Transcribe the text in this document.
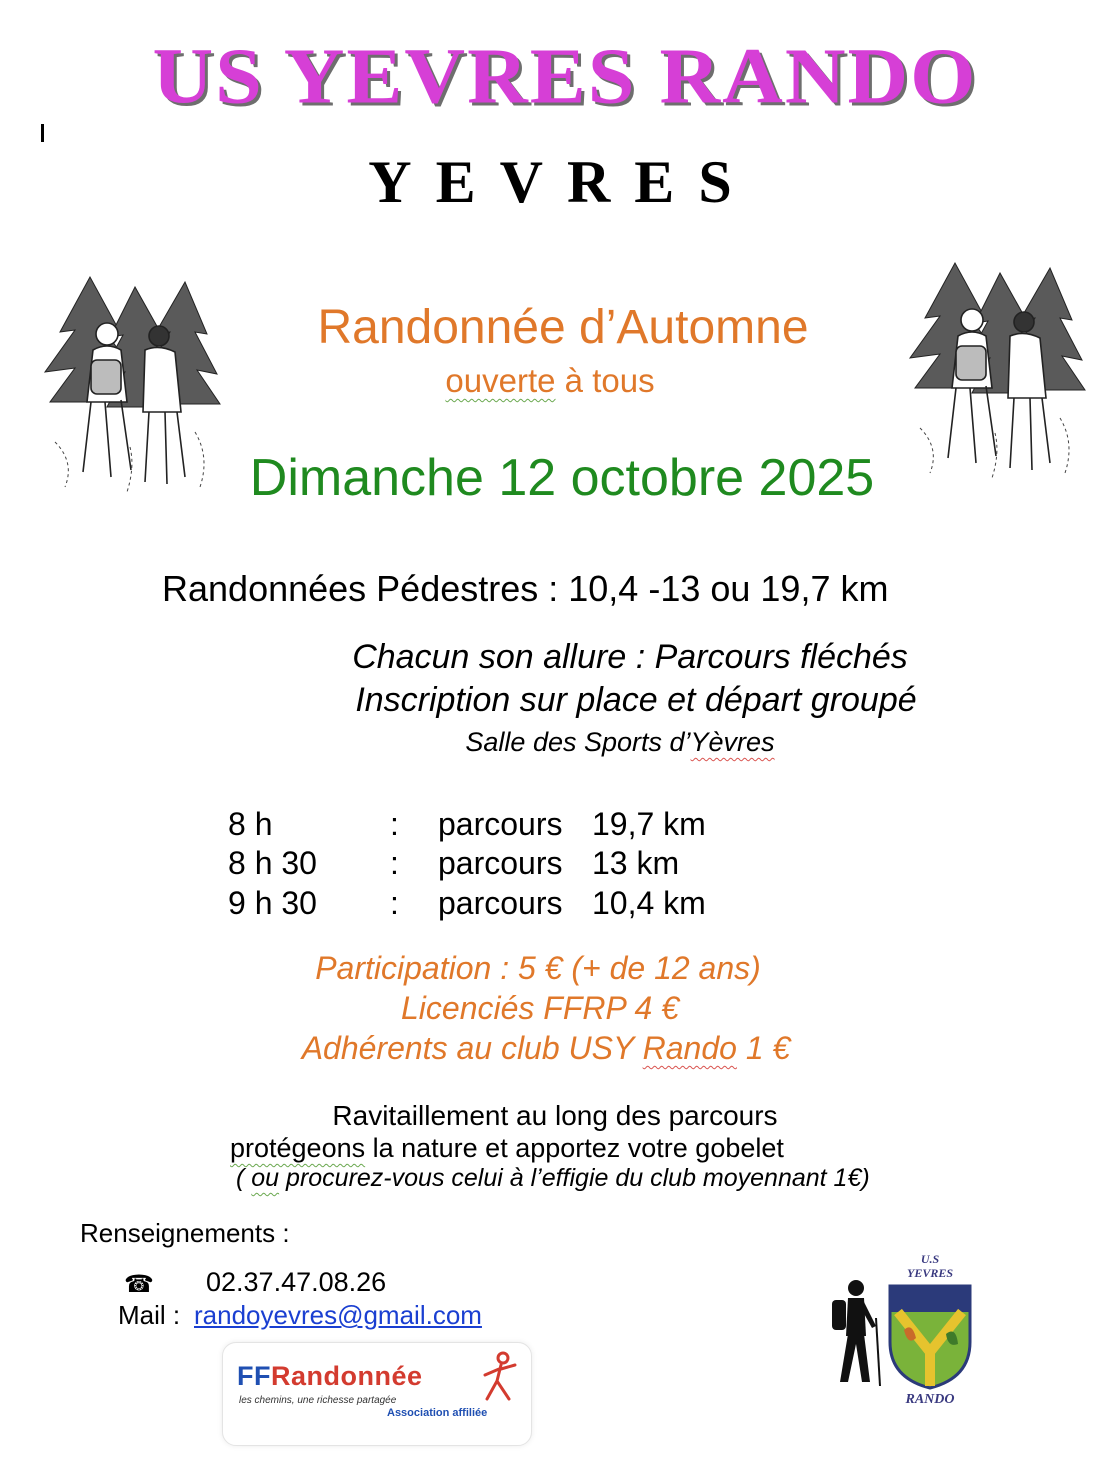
US YEVRES RANDO
YEVRES
Randonnée d’Automne
ouverte à tous
Dimanche 12 octobre 2025
Randonnées Pédestres : 10,4 -13 ou 19,7 km
Chacun son allure : Parcours fléchés
Inscription sur place et départ groupé
Salle des Sports d’Yèvres
8 h	: parcours 19,7 km
8 h 30 : parcours 13 km
9 h 30 : parcours 10,4 km
Participation : 5 € (+ de 12 ans)
Licenciés FFRP 4 €
Adhérents au club USY Rando 1 €
Ravitaillement au long des parcours
protégeons la nature et apportez votre gobelet
( ou procurez-vous celui à l’effigie du club moyennant 1€)
Renseignements :
☎ 02.37.47.08.26
Mail : randoyevres@gmail.com
FFRandonnée
les chemins, une richesse partagée
Association affiliée
U.S
YEVRES
RANDO
